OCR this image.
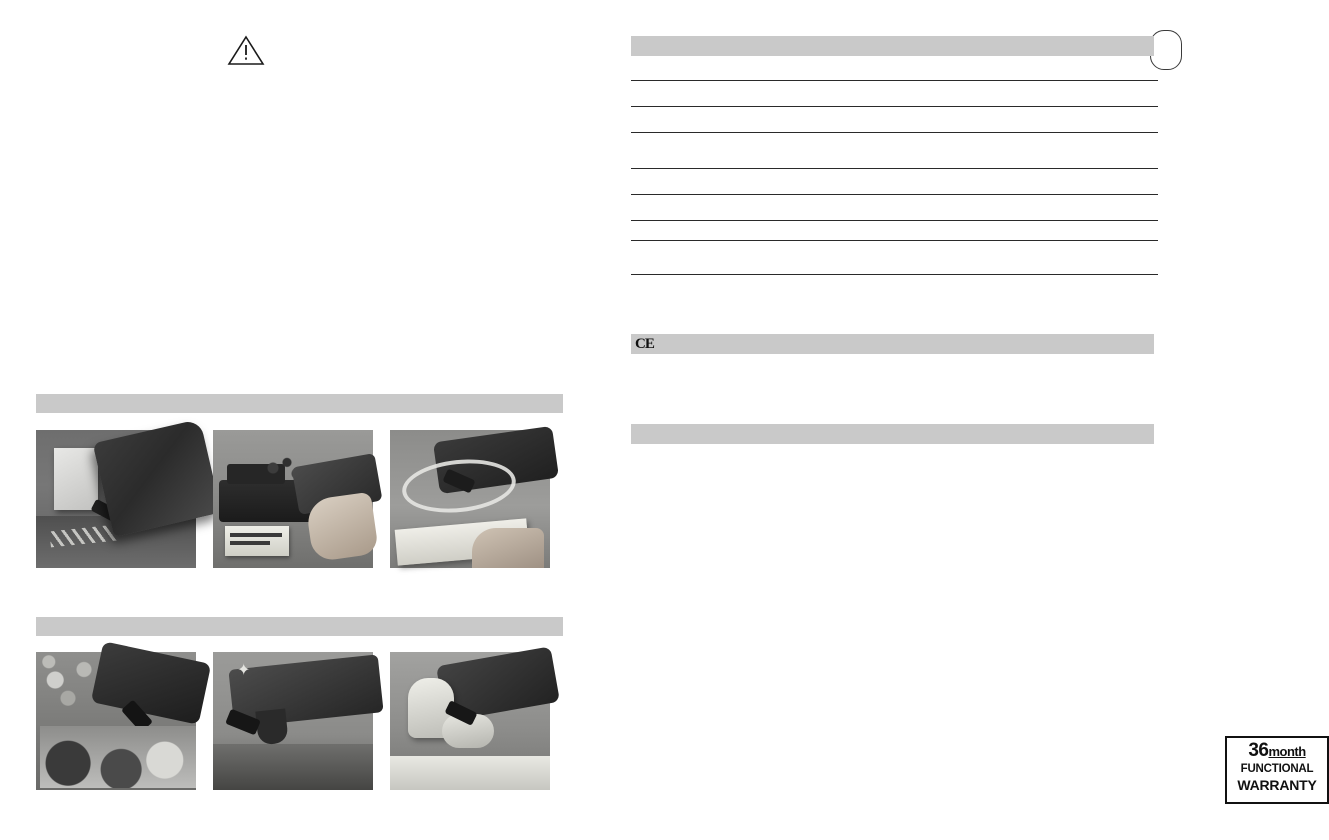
✦
CE
36month
FUNCTIONAL
WARRANTY
